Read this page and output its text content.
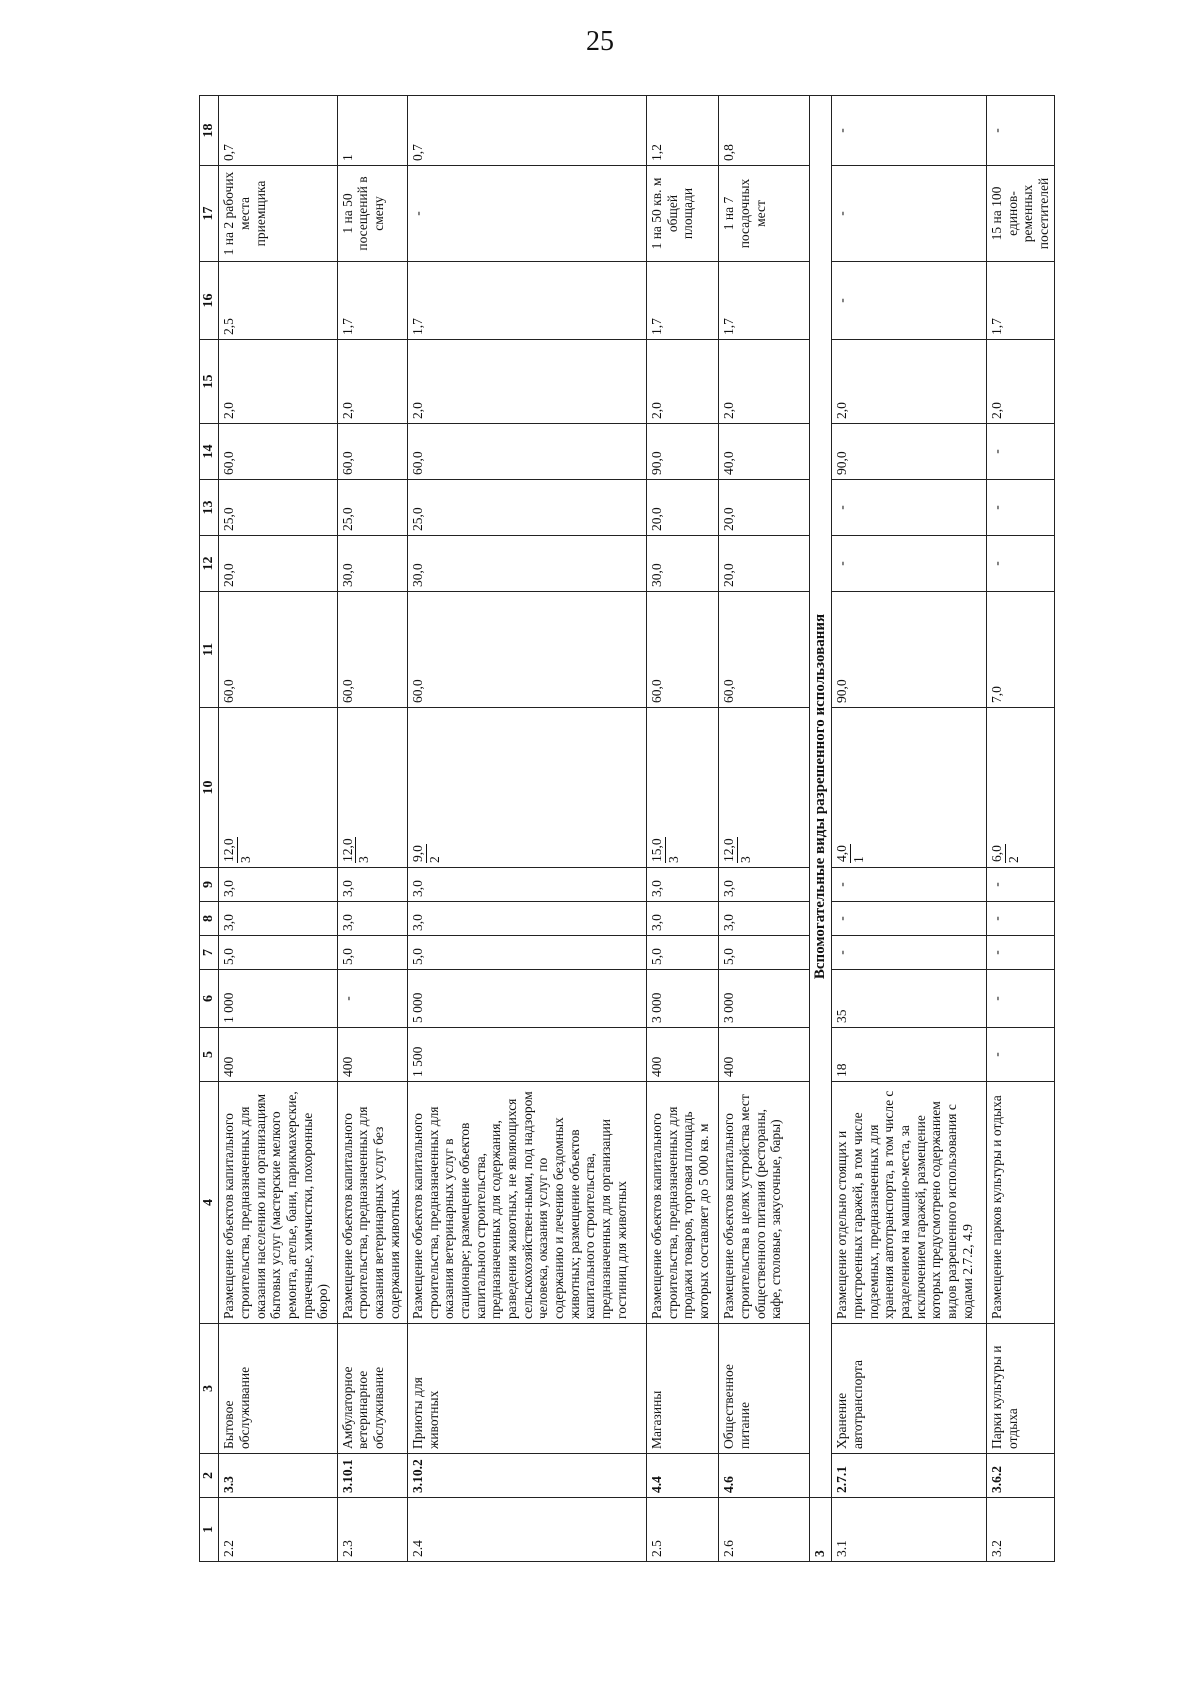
25
1	2	3	4	5	6	7	8	9	10	11	12	13	14	15	16	17	18
2.2	3.3	Бытовое обслуживание	Размещение объектов капитального строительства, предназначенных для оказания населению или организациям бытовых услуг (мастерские мелкого ремонта, ателье, бани, парикмахерские, прачечные, химчистки, похоронные бюро)	400	1 000	5,0	3,0	3,0	12,0 3	60,0	20,0	25,0	60,0	2,0	2,5	1 на 2 рабочих места приемщика	0,7
2.3	3.10.1	Амбулаторное ветеринарное обслуживание	Размещение объектов капитального строительства, предназначенных для оказания ветеринарных услуг без содержания животных	400	-	5,0	3,0	3,0	12,0 3	60,0	30,0	25,0	60,0	2,0	1,7	1 на 50 посещений в смену	1
2.4	3.10.2	Приюты для животных	Размещение объектов капитального строительства, предназначенных для оказания ветеринарных услуг в стационаре; размещение объектов капитального строительства, предназначенных для содержания, разведения животных, не являющихся сельскохозяйствен-ными, под надзором человека, оказания услуг по содержанию и лечению бездомных животных; размещение объектов капитального строительства, предназначенных для организации гостиниц для животных	1 500	5 000	5,0	3,0	3,0	9,0 2	60,0	30,0	25,0	60,0	2,0	1,7	-	0,7
2.5	4.4	Магазины	Размещение объектов капитального строительства, предназначенных для продажи товаров, торговая площадь которых составляет до 5 000 кв. м	400	3 000	5,0	3,0	3,0	15,0 3	60,0	30,0	20,0	90,0	2,0	1,7	1 на 50 кв. м общей площади	1,2
2.6	4.6	Общественное питание	Размещение объектов капитального строительства в целях устройства мест общественного питания (рестораны, кафе, столовые, закусочные, бары)	400	3 000	5,0	3,0	3,0	12,0 3	60,0	20,0	20,0	40,0	2,0	1,7	1 на 7 посадочных мест	0,8
3	Вспомогательные виды разрешенного использования																
3.1	2.7.1	Хранение автотранспорта	Размещение отдельно стоящих и пристроенных гаражей, в том числе подземных, предназначенных для хранения автотранспорта, в том числе с разделением на машино-места, за исключением гаражей, размещение которых предусмотрено содержанием видов разрешенного использования с кодами 2.7.2, 4.9	18	35	-	-	-	4,0 1	90,0	-	-	90,0	2,0	-	-	-
3.2	3.6.2	Парки культуры и отдыха	Размещение парков культуры и отдыха	-	-	-	-	-	6,0 2	7,0	-	-	-	2,0	1,7	15 на 100 единов-ременных посетителей	-
